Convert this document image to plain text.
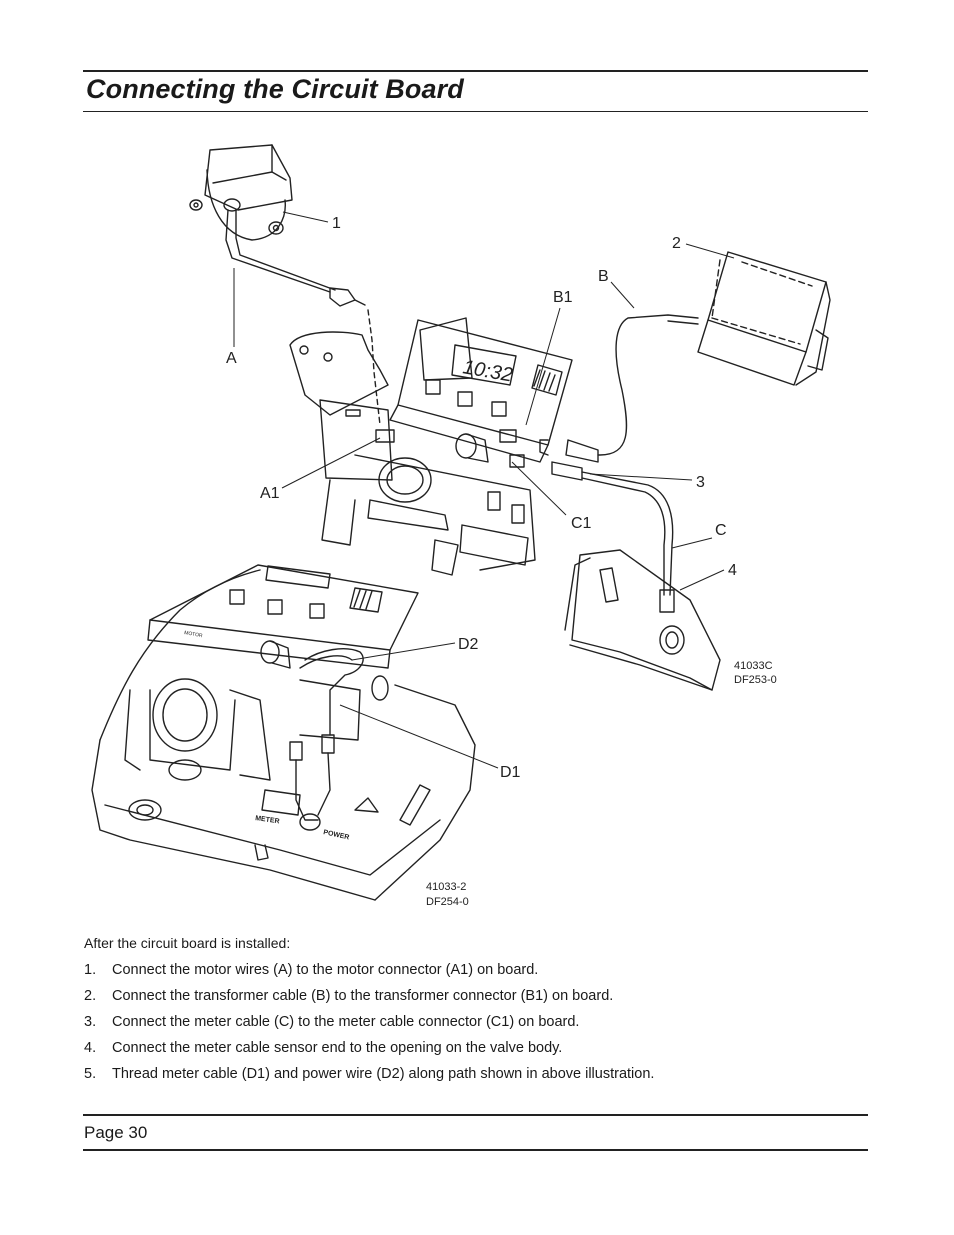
Connecting the Circuit Board
10:32
METER
POWER
MOTOR
1
2
3
4
A
B
C
A1
B1
C1
D2
D1
41033C
DF253-0
41033-2
DF254-0
After the circuit board is installed:
1. Connect the motor wires (A) to the motor connector (A1) on board.
2. Connect the transformer cable (B) to the transformer connector (B1) on board.
3. Connect the meter cable (C) to the meter cable connector (C1) on board.
4. Connect the meter cable sensor end to the opening on the valve body.
5. Thread meter cable (D1) and power wire (D2) along path shown in above illustration.
Page 30
